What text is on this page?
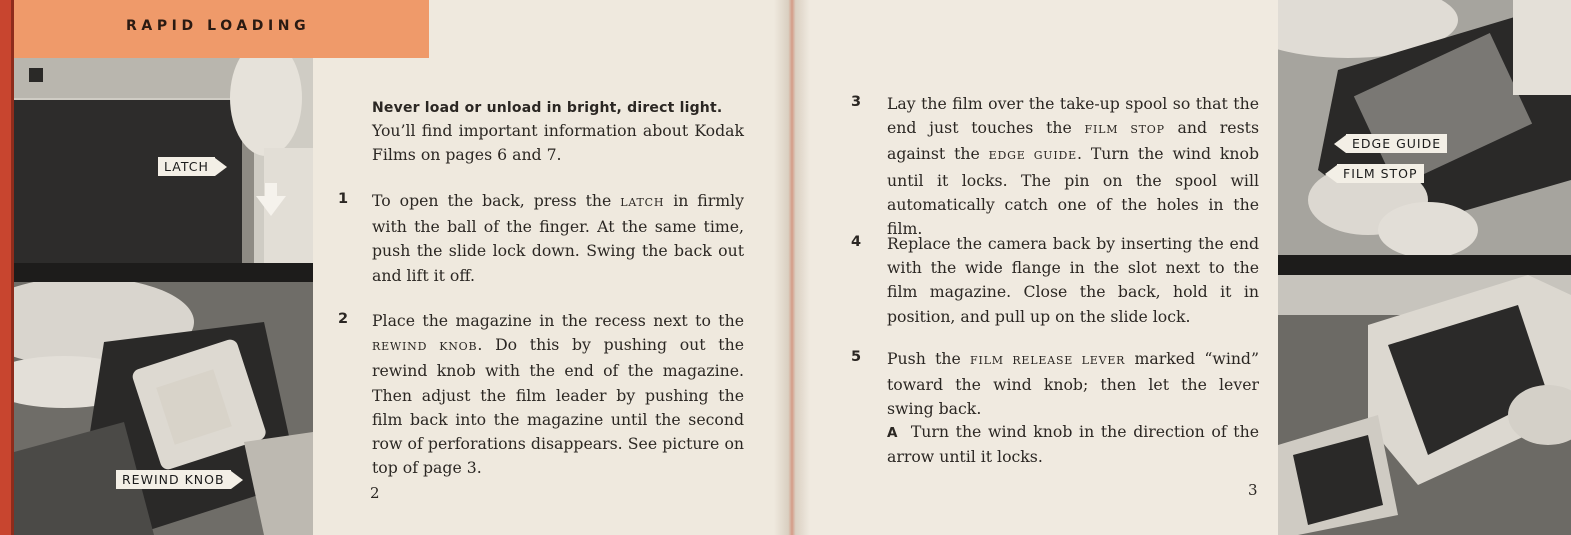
RAPID LOADING
LATCH
REWIND KNOB
EDGE GUIDE
FILM STOP
Never load or unload in bright, direct light.
You’ll find important information about Kodak Films on pages 6 and 7.
1 To open the back, press the LATCH in firmly with the ball of the finger. At the same time, push the slide lock down. Swing the back out and lift it off.
2 Place the magazine in the recess next to the REWIND KNOB. Do this by pushing out the rewind knob with the end of the magazine. Then adjust the film leader by pushing the film back into the magazine until the second row of perforations disappears. See picture on top of page 3.
2
3 Lay the film over the take-up spool so that the end just touches the FILM STOP and rests against the EDGE GUIDE. Turn the wind knob until it locks. The pin on the spool will automatically catch one of the holes in the film.
4 Replace the camera back by inserting the end with the wide flange in the slot next to the film magazine. Close the back, hold it in position, and pull up on the slide lock.
5 Push the FILM RELEASE LEVER marked “wind” toward the wind knob; then let the lever swing back.
A Turn the wind knob in the direction of the arrow until it locks.
3
